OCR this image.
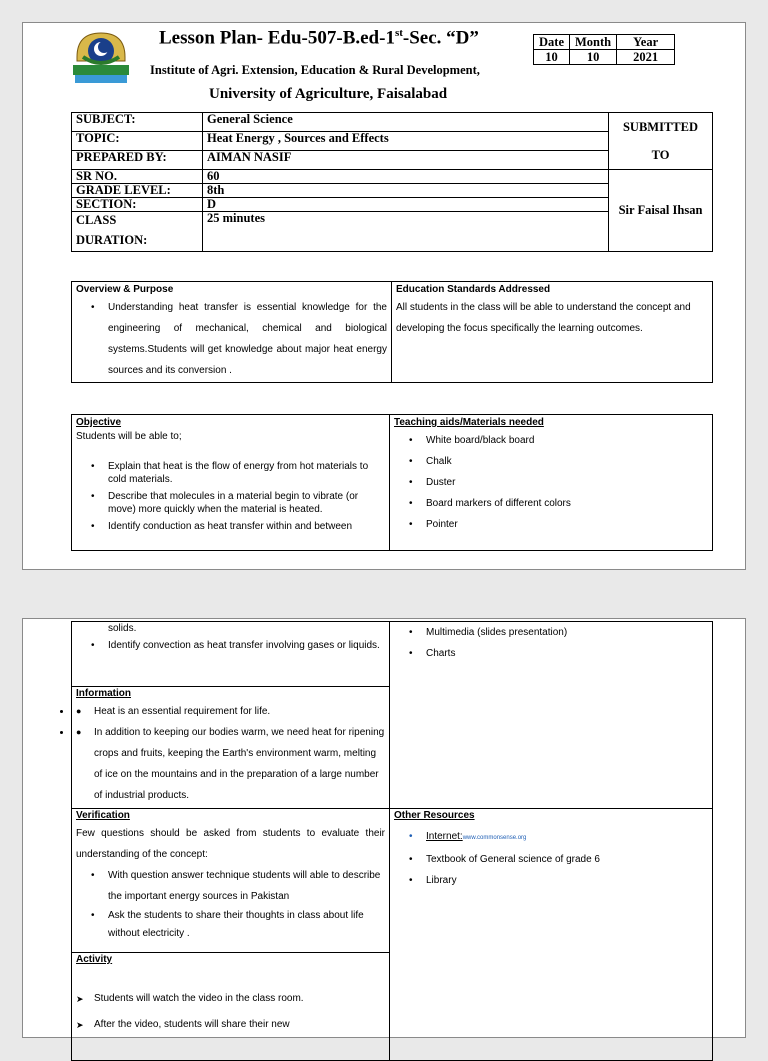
Lesson Plan- Edu-507-B.ed-1st-Sec. “D”
Institute of Agri. Extension, Education & Rural Development,
University of Agriculture, Faisalabad
Date	Month	Year
10	10	2021
SUBJECT:	General Science	SUBMITTED
TO
TOPIC:	Heat Energy , Sources and Effects	
PREPARED BY:	AIMAN NASIF	
SR NO.	60	Sir Faisal Ihsan
GRADE LEVEL:	8th	
SECTION:	D	
CLASS
DURATION:	25 minutes	
Overview & Purpose
• Understanding heat transfer is essential knowledge for the engineering of mechanical, chemical and biological systems.Students will get knowledge about major heat energy sources and its conversion .
Education Standards Addressed

All students in the class will be able to understand the concept and developing the focus specifically the learning outcomes.

Objective

Students will be able to;

• Explain that heat is the flow of energy from hot materials to cold materials.
• Describe that molecules in a material begin to vibrate (or move) more quickly when the material is heated.
• Identify conduction as heat transfer within and between
Teaching aids/Materials needed
• White board/black board
• Chalk
• Duster
• Board markers of different colors
• Pointer

solids.

• Identify convection as heat transfer involving gases or liquids.
Information
● • Heat is an essential requirement for life.
● • In addition to keeping our bodies warm, we need heat for ripening crops and fruits, keeping the Earth's environment warm, melting of ice on the mountains and in the preparation of a large number of industrial products.
Verification

Few questions should be asked from students to evaluate their understanding of the concept:

• With question answer technique students will able to describe the important energy sources in Pakistan
• Ask the students to share their thoughts in class about life without electricity .
Activity
➤ Students will watch the video in the class room.
➤ After the video, students will share their new
• Multimedia (slides presentation)
• Charts
Other Resources
• Internet:www.commonsense.org
• Textbook of General science of grade 6
• Library
